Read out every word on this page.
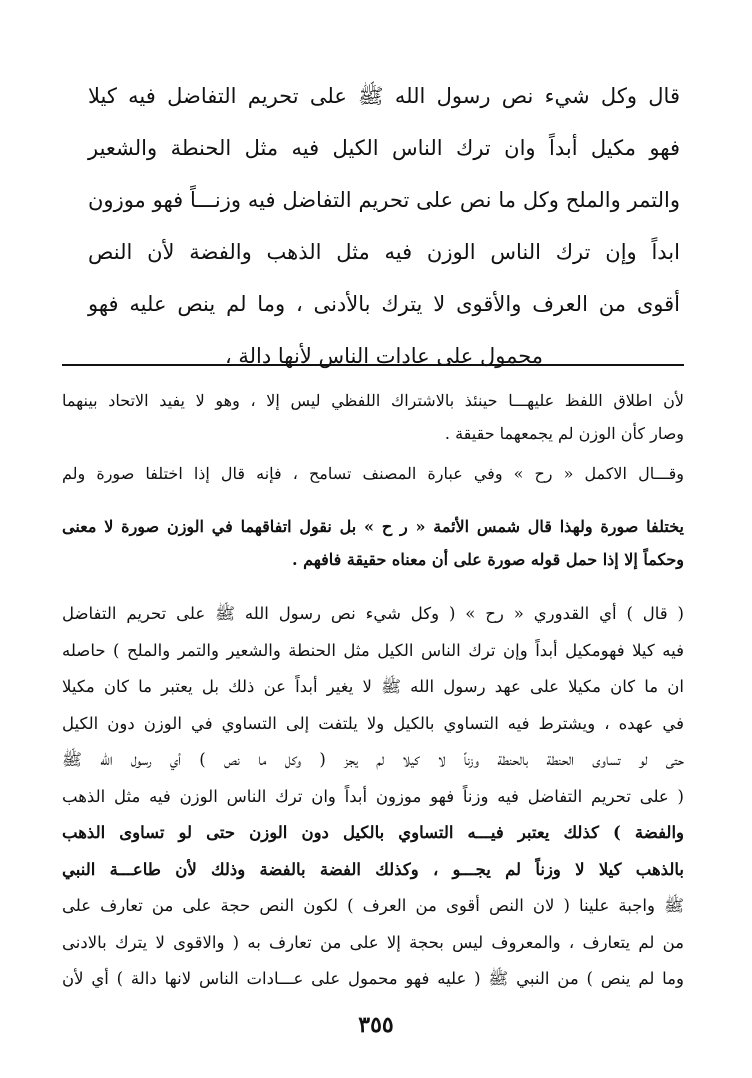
قال وكل شيء نص رسول الله ﷺ على تحريم التفاضل فيه كيلا
فهو مكيل أبداً وان ترك الناس الكيل فيه مثل الحنطة والشعير
والتمر والملح وكل ما نص على تحريم التفاضل فيه وزنـــاً فهو موزون
ابداً وإن ترك الناس الوزن فيه مثل الذهب والفضة لأن النص
أقوى من العرف والأقوى لا يترك بالأدنى ، وما لم ينص عليه فهو
محمول على عادات الناس لأنها دالة ،
لأن اطلاق اللفظ عليهـــا حينئذ بالاشتراك اللفظي ليس إلا ، وهو لا يفيد الاتحاد بينهما
وصار كأن الوزن لم يجمعهما حقيقة .
وقـــال الاكمل « رح » وفي عبارة المصنف تسامح ، فإنه قال إذا اختلفا صورة ولم
يختلفا صورة ولهذا قال شمس الأئمة « ر ح » بل نقول اتفاقهما في الوزن صورة لا معنى
وحكماً إلا إذا حمل قوله صورة على أن معناه حقيقة فافهم .
( قال ) أي القدوري « رح » ( وكل شيء نص رسول الله ﷺ على تحريم التفاضل
فيه كيلا فهومكيل أبداً وإن ترك الناس الكيل مثل الحنطة والشعير والتمر والملح ) حاصله
ان ما كان مكيلا على عهد رسول الله ﷺ لا يغير أبداً عن ذلك بل يعتبر ما كان مكيلا
في عهده ، ويشترط فيه التساوي بالكيل ولا يلتفت إلى التساوي في الوزن دون الكيل
حتى لو تساوى الحنطة بالحنطة وزناً لا كيلا لم يجز ( وكل ما نص ) أي رسول الله ﷺ
( على تحريم التفاضل فيه وزناً فهو موزون أبداً وان ترك الناس الوزن فيه مثل الذهب
والفضة ) كذلك يعتبر فيـــه التساوي بالكيل دون الوزن حتى لو تساوى الذهب
بالذهب كيلا لا وزناً لم يجـــو ، وكذلك الفضة بالفضة وذلك لأن طاعـــة النبي
ﷺ واجبة علينا ( لان النص أقوى من العرف ) لكون النص حجة على من تعارف على
من لم يتعارف ، والمعروف ليس بحجة إلا على من تعارف به ( والاقوى لا يترك بالادنى
وما لم ينص ) من النبي ﷺ ( عليه فهو محمول على عـــادات الناس لانها دالة ) أي لأن
٣٥٥
